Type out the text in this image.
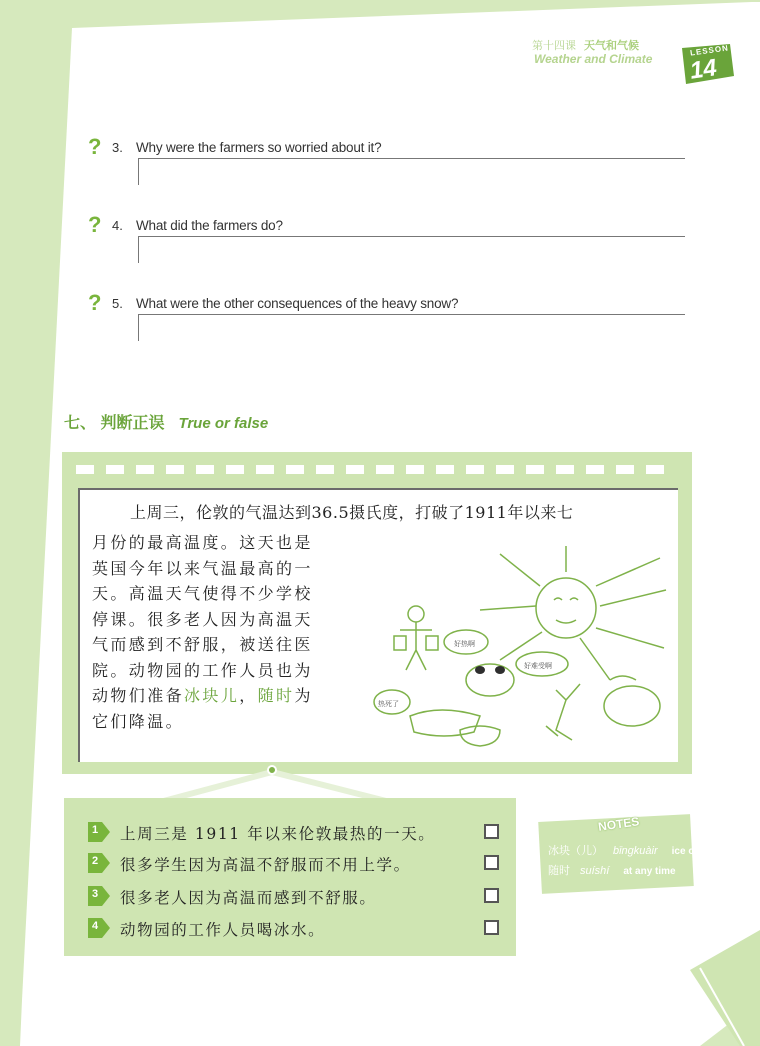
第十四课 天气和气候
Weather and Climate
LESSON
14
? 3. Why were the farmers so worried about it?
? 4. What did the farmers do?
? 5. What were the other consequences of the heavy snow?
七、 判断正误 True or false
上周三，伦敦的气温达到36.5摄氏度，打破了1911年以来七
月份的最高温度。这天也是
英国今年以来气温最高的一
天。高温天气使得不少学校
停课。很多老人因为高温天
气而感到不舒服，被送往医
院。动物园的工作人员也为
动物们准备冰块儿，随时为
它们降温。
好热啊
好难受啊
热死了
1 上周三是 1911 年以来伦敦最热的一天。
2 很多学生因为高温不舒服而不用上学。
3 很多老人因为高温而感到不舒服。
4 动物园的工作人员喝冰水。
NOTES
冰块（儿） bīngkuàir ice cube
随时 suíshí at any time
